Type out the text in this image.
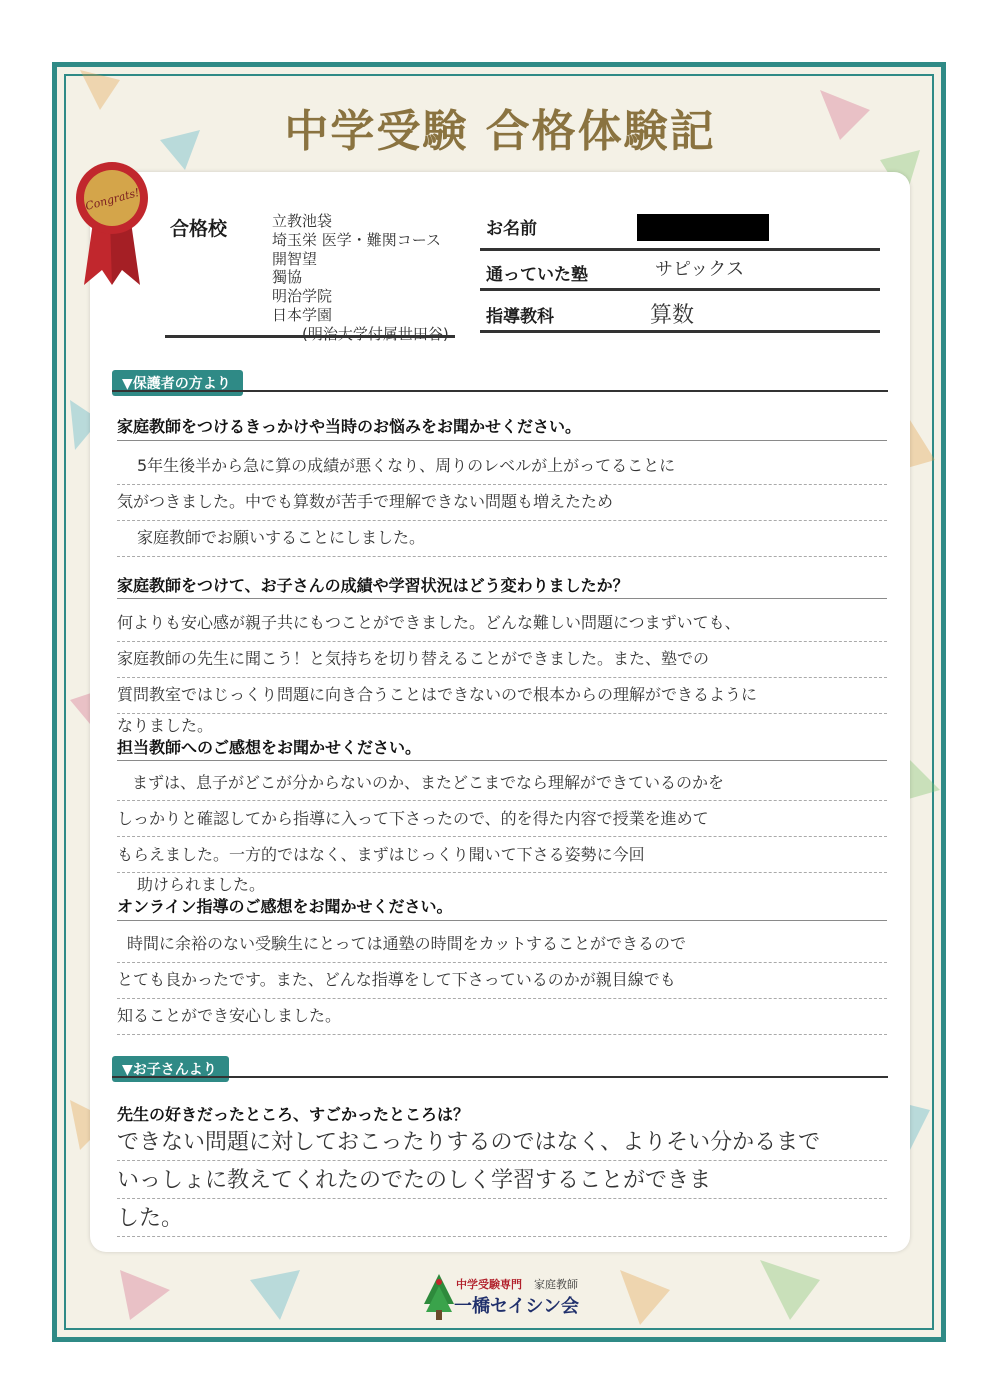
中学受験 合格体験記
Congrats!
合格校	立教池袋
埼玉栄 医学・難関コース
開智望
獨協
明治学院
日本学園
(明治大学付属世田谷)
お名前
通っていた塾	サピックス
指導教科	算数
▼保護者の方より
家庭教師をつけるきっかけや当時のお悩みをお聞かせください。
5年生後半から急に算の成績が悪くなり、周りのレベルが上がってることに
気がつきました。中でも算数が苦手で理解できない問題も増えたため
家庭教師でお願いすることにしました。
家庭教師をつけて、お子さんの成績や学習状況はどう変わりましたか？
何よりも安心感が親子共にもつことができました。どんな難しい問題につまずいても、
家庭教師の先生に聞こう！と気持ちを切り替えることができました。また、塾での
質問教室ではじっくり問題に向き合うことはできないので根本からの理解ができるように
なりました。
担当教師へのご感想をお聞かせください。
まずは、息子がどこが分からないのか、またどこまでなら理解ができているのかを
しっかりと確認してから指導に入って下さったので、的を得た内容で授業を進めて
もらえました。一方的ではなく、まずはじっくり聞いて下さる姿勢に今回
助けられました。
オンライン指導のご感想をお聞かせください。
時間に余裕のない受験生にとっては通塾の時間をカットすることができるので
とても良かったです。また、どんな指導をして下さっているのかが親目線でも
知ることができ安心しました。
▼お子さんより
先生の好きだったところ、すごかったところは？
できない問題に対しておこったりするのではなく、よりそい分かるまで
いっしょに教えてくれたのでたのしく学習することができま
した。
中学受験専門 家庭教師
一橋セイシン会
